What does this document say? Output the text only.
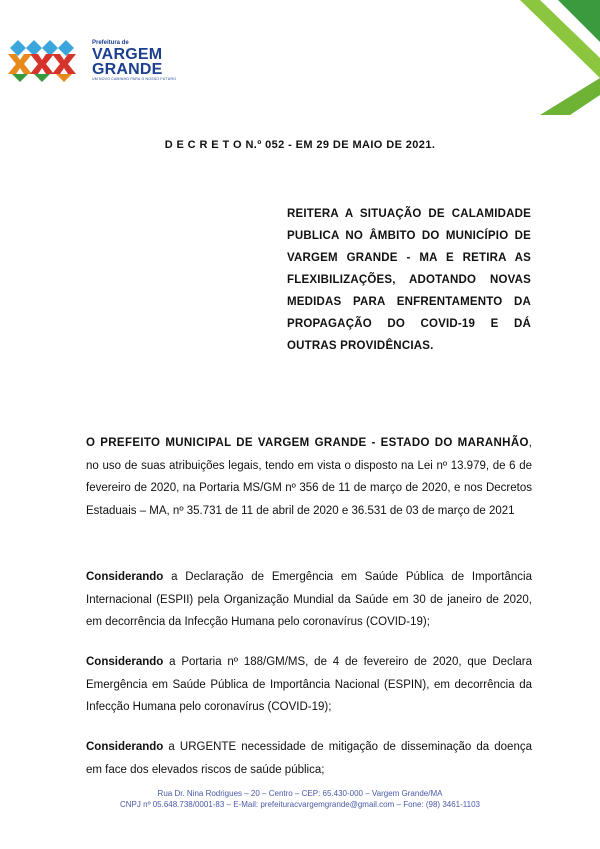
Prefeitura de
VARGEM
GRANDE
UM NOVO CAMINHO PARA O NOSSO FUTURO
D E C R E T O N.º 052 - EM 29 DE MAIO DE 2021.
REITERA A SITUAÇÃO DE CALAMIDADE PUBLICA NO ÂMBITO DO MUNICÍPIO DE VARGEM GRANDE - MA E RETIRA AS FLEXIBILIZAÇÕES, ADOTANDO NOVAS MEDIDAS PARA ENFRENTAMENTO DA PROPAGAÇÃO DO COVID-19 E DÁ OUTRAS PROVIDÊNCIAS.
O PREFEITO MUNICIPAL DE VARGEM GRANDE - ESTADO DO MARANHÃO, no uso de suas atribuições legais, tendo em vista o disposto na Lei nº 13.979, de 6 de fevereiro de 2020, na Portaria MS/GM nº 356 de 11 de março de 2020, e nos Decretos Estaduais – MA, nº 35.731 de 11 de abril de 2020 e 36.531 de 03 de março de 2021
Considerando a Declaração de Emergência em Saúde Pública de Importância Internacional (ESPII) pela Organização Mundial da Saúde em 30 de janeiro de 2020, em decorrência da Infecção Humana pelo coronavírus (COVID-19);
Considerando a Portaria nº 188/GM/MS, de 4 de fevereiro de 2020, que Declara Emergência em Saúde Pública de Importância Nacional (ESPIN), em decorrência da Infecção Humana pelo coronavírus (COVID-19);
Considerando a URGENTE necessidade de mitigação de disseminação da doença em face dos elevados riscos de saúde pública;
Rua Dr. Nina Rodrigues – 20 – Centro – CEP: 65.430-000 – Vargem Grande/MA
CNPJ nº 05.648.738/0001-83 – E-Mail: prefeituracvargemgrande@gmail.com – Fone: (98) 3461-1103
